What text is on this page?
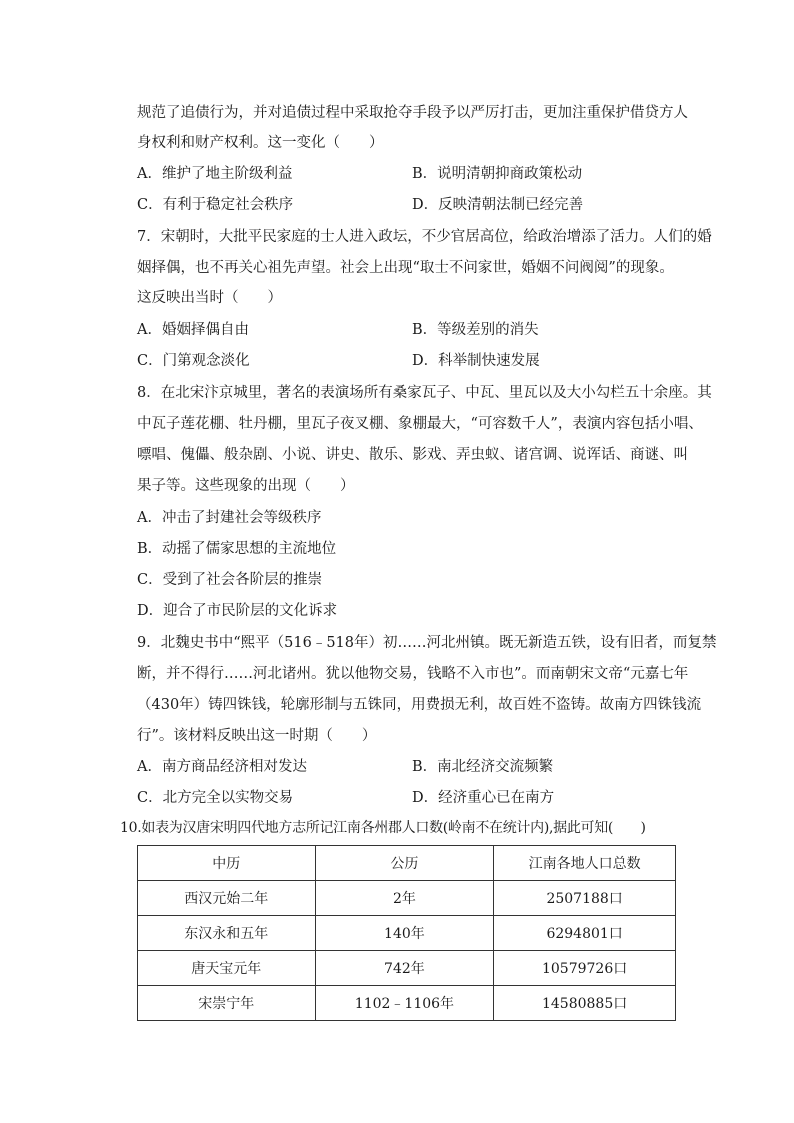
规范了追债行为，并对追债过程中采取抢夺手段予以严厉打击，更加注重保护借贷方人
身权利和财产权利。这一变化（　　）
A．维护了地主阶级利益	B．说明清朝抑商政策松动
C．有利于稳定社会秩序	D．反映清朝法制已经完善
7．宋朝时，大批平民家庭的士人进入政坛，不少官居高位，给政治增添了活力。人们的婚
姻择偶，也不再关心祖先声望。社会上出现“取士不问家世，婚姻不问阀阅”的现象。
这反映出当时（　　）
A．婚姻择偶自由	B．等级差别的消失
C．门第观念淡化	D．科举制快速发展
8．在北宋汴京城里，著名的表演场所有桑家瓦子、中瓦、里瓦以及大小勾栏五十余座。其
中瓦子莲花棚、牡丹棚，里瓦子夜叉棚、象棚最大，“可容数千人”，表演内容包括小唱、
嘌唱、傀儡、般杂剧、小说、讲史、散乐、影戏、弄虫蚁、诸宫调、说诨话、商谜、叫
果子等。这些现象的出现（　　）
A．冲击了封建社会等级秩序
B．动摇了儒家思想的主流地位
C．受到了社会各阶层的推崇
D．迎合了市民阶层的文化诉求
9．北魏史书中“熙平（516﹣518年）初……河北州镇。既无新造五铁，设有旧者，而复禁
断，并不得行……河北诸州。犹以他物交易，钱略不入市也”。而南朝宋文帝“元嘉七年
（430年）铸四铢钱，轮廓形制与五铢同，用费损无利，故百姓不盗铸。故南方四铢钱流
行”。该材料反映出这一时期（　　）
A．南方商品经济相对发达	B．南北经济交流频繁
C．北方完全以实物交易	D．经济重心已在南方
10.如表为汉唐宋明四代地方志所记江南各州郡人口数(岭南不在统计内),据此可知(　　)
中历	公历	江南各地人口总数
西汉元始二年	2年	2507188口
东汉永和五年	140年	6294801口
唐天宝元年	742年	10579726口
宋崇宁年	1102﹣1106年	14580885口
